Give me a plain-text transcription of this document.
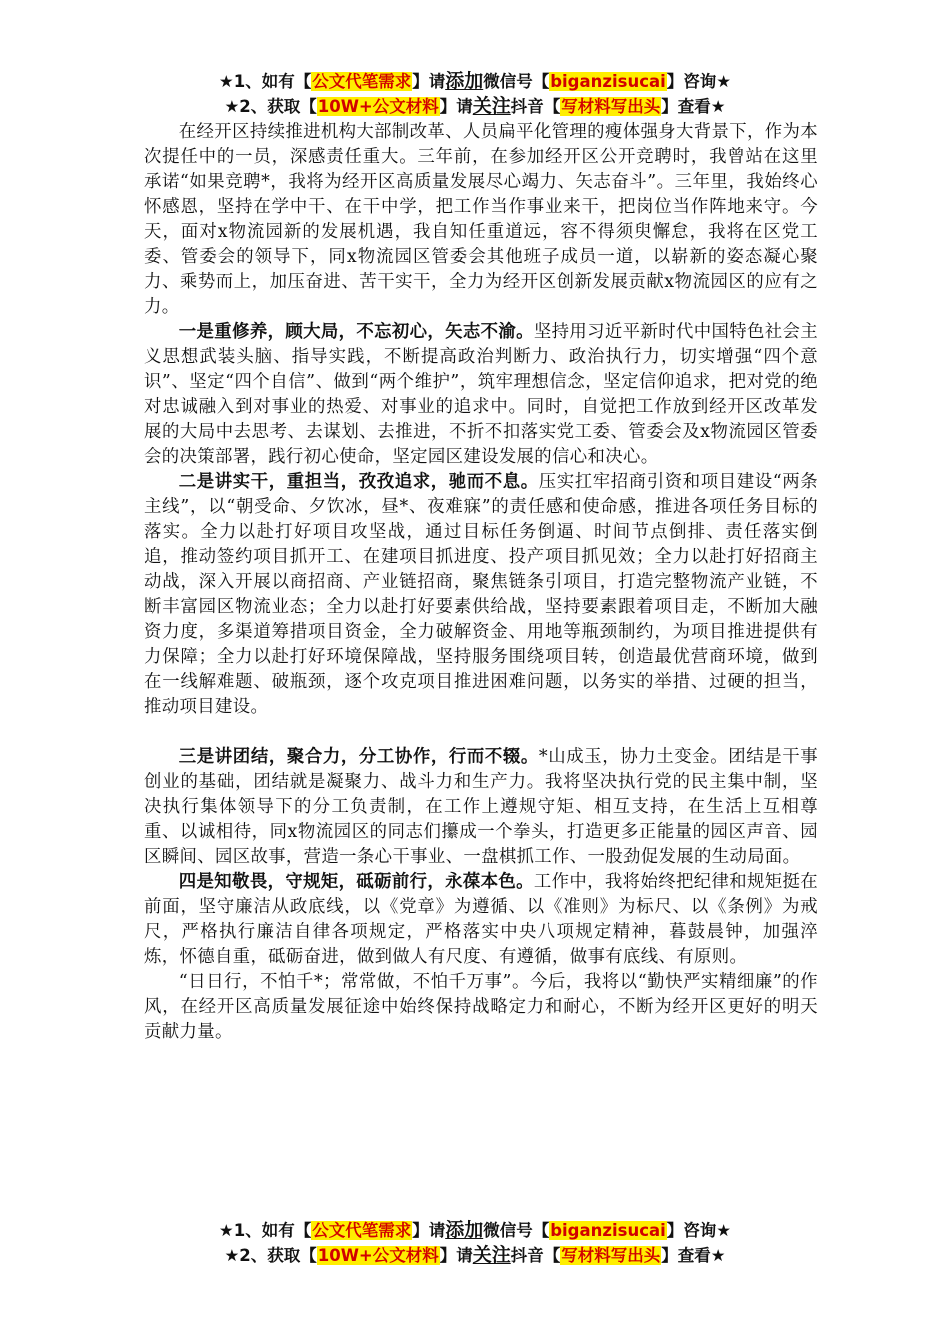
★1、如有【公文代笔需求】请添加微信号【biganzisucai】咨询★
★2、获取【10W+公文材料】请关注抖音【写材料写出头】查看★

在经开区持续推进机构大部制改革、人员扁平化管理的瘦体强身大背景下，作为本次提任中的一员，深感责任重大。三年前，在参加经开区公开竞聘时，我曾站在这里承诺“如果竞聘*，我将为经开区高质量发展尽心竭力、矢志奋斗”。三年里，我始终心怀感恩，坚持在学中干、在干中学，把工作当作事业来干，把岗位当作阵地来守。今天，面对x物流园新的发展机遇，我自知任重道远，容不得须臾懈怠，我将在区党工委、管委会的领导下，同x物流园区管委会其他班子成员一道，以崭新的姿态凝心聚力、乘势而上，加压奋进、苦干实干，全力为经开区创新发展贡献x物流园区的应有之力。

一是重修养，顾大局，不忘初心，矢志不渝。坚持用习近平新时代中国特色社会主义思想武装头脑、指导实践，不断提高政治判断力、政治执行力，切实增强“四个意识”、坚定“四个自信”、做到“两个维护”，筑牢理想信念，坚定信仰追求，把对党的绝对忠诚融入到对事业的热爱、对事业的追求中。同时，自觉把工作放到经开区改革发展的大局中去思考、去谋划、去推进，不折不扣落实党工委、管委会及x物流园区管委会的决策部署，践行初心使命，坚定园区建设发展的信心和决心。

二是讲实干，重担当，孜孜追求，驰而不息。压实扛牢招商引资和项目建设“两条主线”，以“朝受命、夕饮冰，昼*、夜难寐”的责任感和使命感，推进各项任务目标的落实。全力以赴打好项目攻坚战，通过目标任务倒逼、时间节点倒排、责任落实倒追，推动签约项目抓开工、在建项目抓进度、投产项目抓见效；全力以赴打好招商主动战，深入开展以商招商、产业链招商，聚焦链条引项目，打造完整物流产业链，不断丰富园区物流业态；全力以赴打好要素供给战，坚持要素跟着项目走，不断加大融资力度，多渠道筹措项目资金，全力破解资金、用地等瓶颈制约，为项目推进提供有力保障；全力以赴打好环境保障战，坚持服务围绕项目转，创造最优营商环境，做到在一线解难题、破瓶颈，逐个攻克项目推进困难问题，以务实的举措、过硬的担当，推动项目建设。

三是讲团结，聚合力，分工协作，行而不辍。*山成玉，协力土变金。团结是干事创业的基础，团结就是凝聚力、战斗力和生产力。我将坚决执行党的民主集中制，坚决执行集体领导下的分工负责制，在工作上遵规守矩、相互支持，在生活上互相尊重、以诚相待，同x物流园区的同志们攥成一个拳头，打造更多正能量的园区声音、园区瞬间、园区故事，营造一条心干事业、一盘棋抓工作、一股劲促发展的生动局面。

四是知敬畏，守规矩，砥砺前行，永葆本色。工作中，我将始终把纪律和规矩挺在前面，坚守廉洁从政底线，以《党章》为遵循、以《准则》为标尺、以《条例》为戒尺，严格执行廉洁自律各项规定，严格落实中央八项规定精神，暮鼓晨钟，加强淬炼，怀德自重，砥砺奋进，做到做人有尺度、有遵循，做事有底线、有原则。

“日日行，不怕千*；常常做，不怕千万事”。今后，我将以“勤快严实精细廉”的作风，在经开区高质量发展征途中始终保持战略定力和耐心，不断为经开区更好的明天贡献力量。

★1、如有【公文代笔需求】请添加微信号【biganzisucai】咨询★
★2、获取【10W+公文材料】请关注抖音【写材料写出头】查看★
